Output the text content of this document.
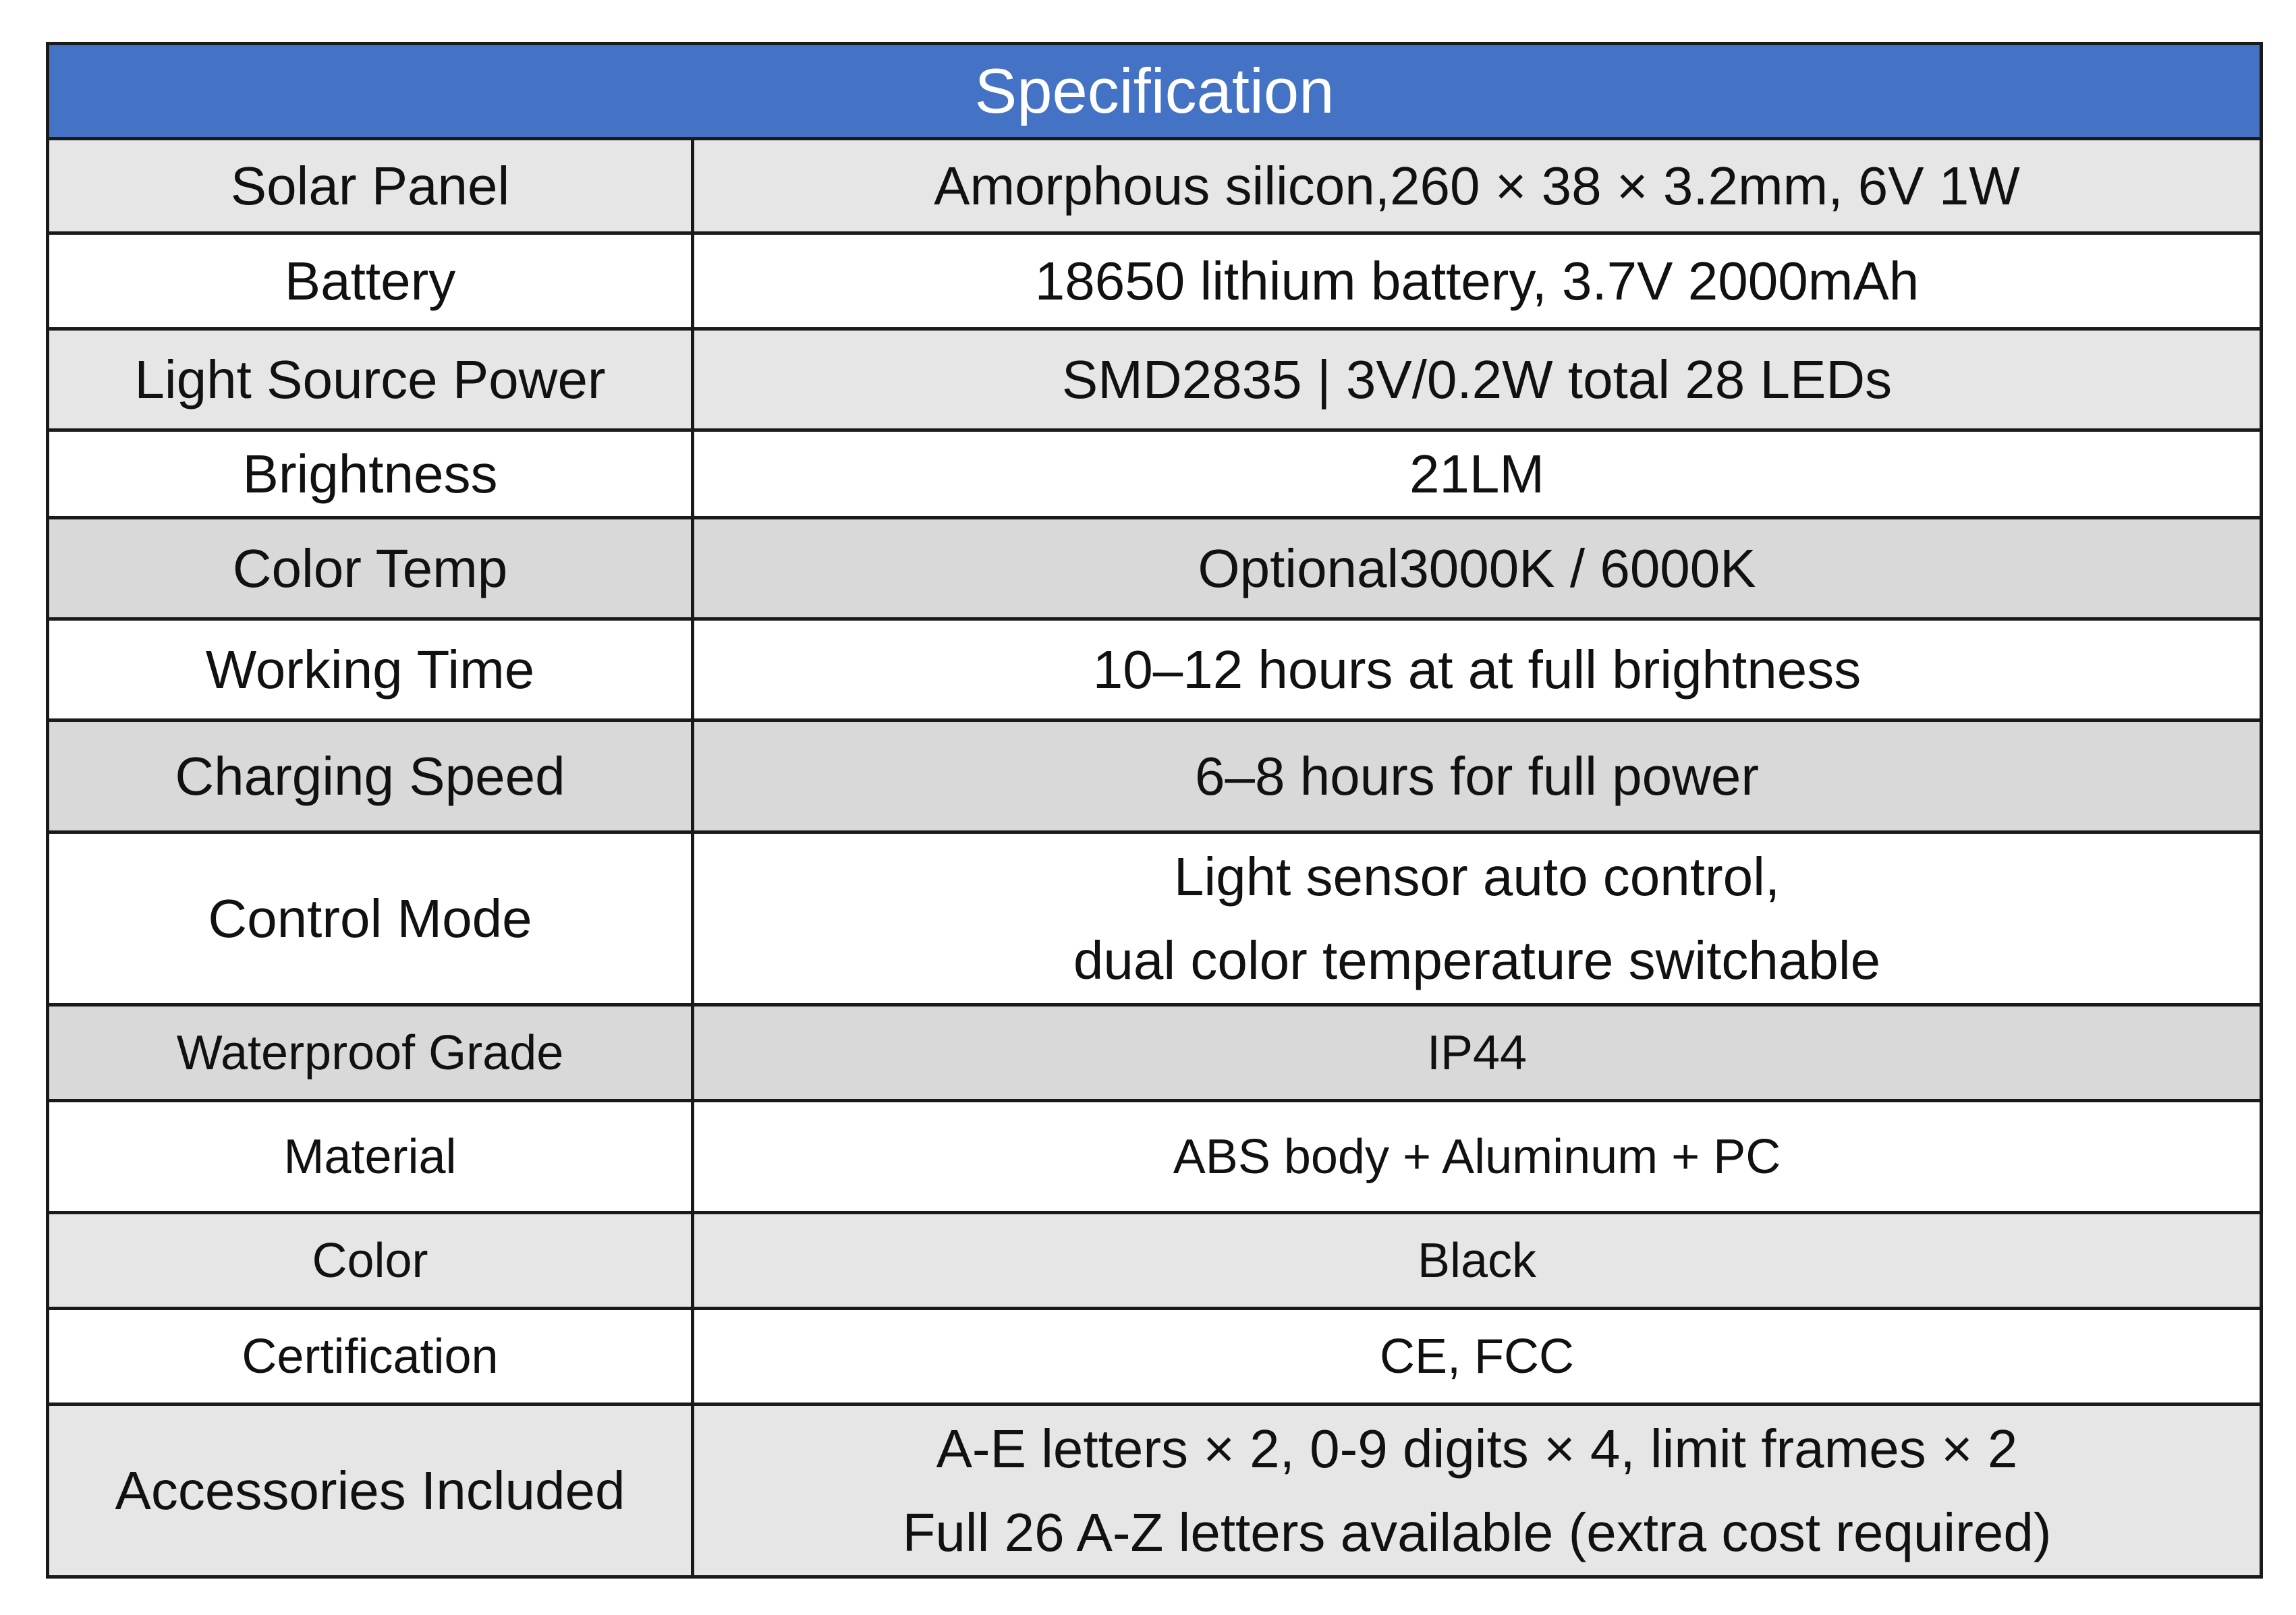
Specification	
Solar Panel	Amorphous silicon,260 × 38 × 3.2mm, 6V 1W
Battery	18650 lithium battery, 3.7V 2000mAh
Light Source Power	SMD2835 | 3V/0.2W total 28 LEDs
Brightness	21LM
Color Temp	Optional3000K / 6000K
Working Time	10–12 hours at at full brightness
Charging Speed	6–8 hours for full power
Control Mode	Light sensor auto control,
dual color temperature switchable

Waterproof Grade	IP44
Material	ABS body + Aluminum + PC
Color	Black
Certification	CE, FCC
Accessories Included	A-E letters × 2, 0-9 digits × 4, limit frames × 2
Full 26 A-Z letters available (extra cost required)
